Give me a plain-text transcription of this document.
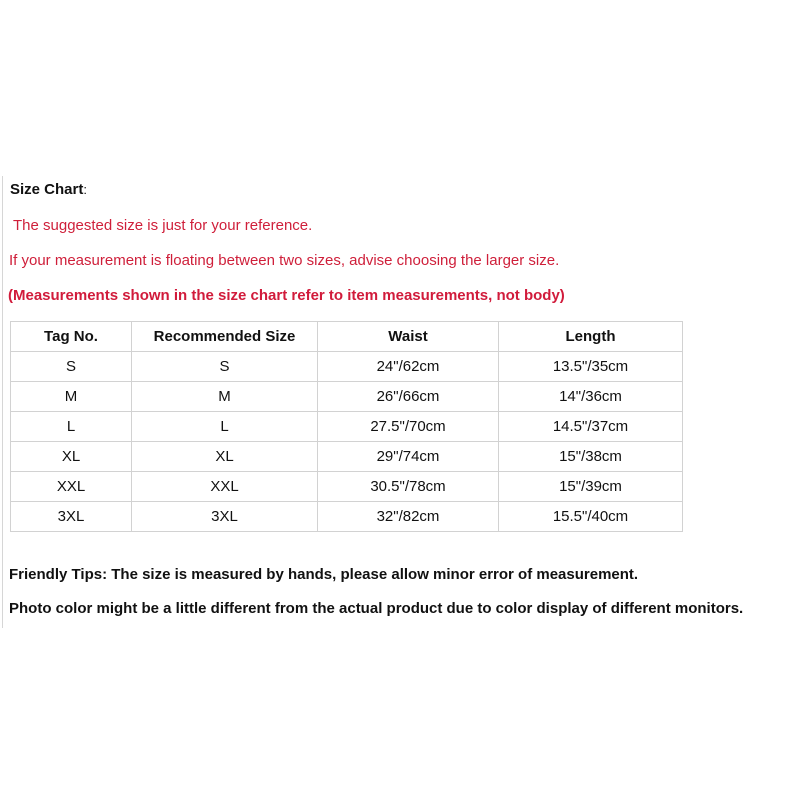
Size Chart:
The suggested size is just for your reference.
If your measurement is floating between two sizes, advise choosing the larger size.
(Measurements shown in the size chart refer to item measurements, not body)
Tag No.	Recommended Size	Waist	Length
S	S	24"/62cm	13.5"/35cm
M	M	26"/66cm	14"/36cm
L	L	27.5"/70cm	14.5"/37cm
XL	XL	29"/74cm	15"/38cm
XXL	XXL	30.5"/78cm	15"/39cm
3XL	3XL	32"/82cm	15.5"/40cm
Friendly Tips: The size is measured by hands, please allow minor error of measurement.
Photo color might be a little different from the actual product due to color display of different monitors.
